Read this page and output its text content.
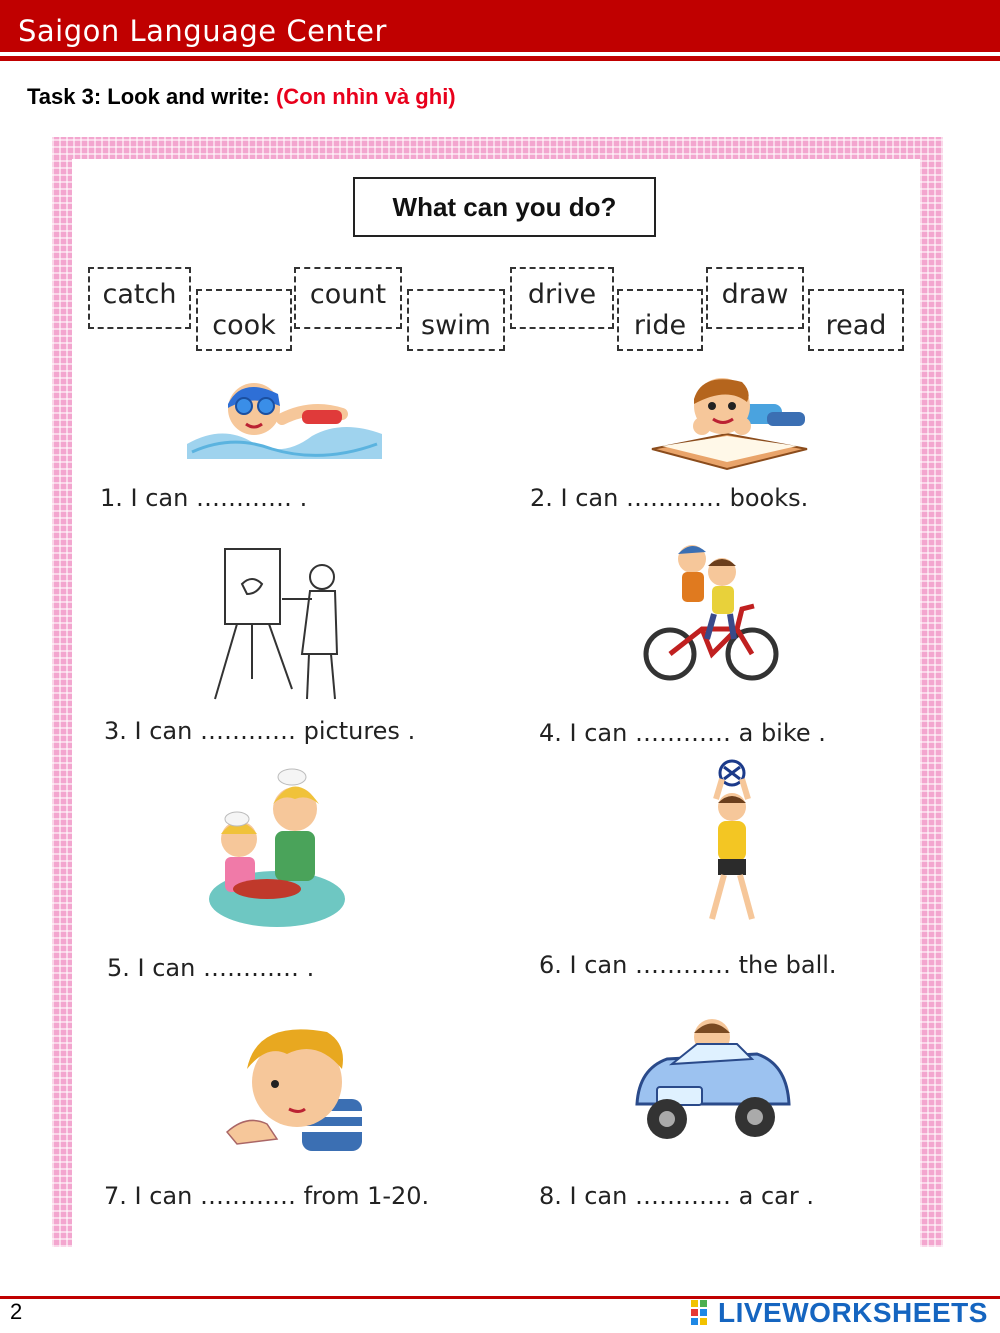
Saigon Language Center
Task 3: Look and write: (Con nhìn và ghi)
What can you do?
catch
cook
count
swim
drive
ride
draw
read
1. I can ………… .	2. I can ………… books.
3. I can ………… pictures .	4. I can ………… a bike .
5. I can ………… .	6. I can ………… the ball.
7. I can ………… from 1-20.	8. I can ………… a car .
2	LIVEWORKSHEETS
